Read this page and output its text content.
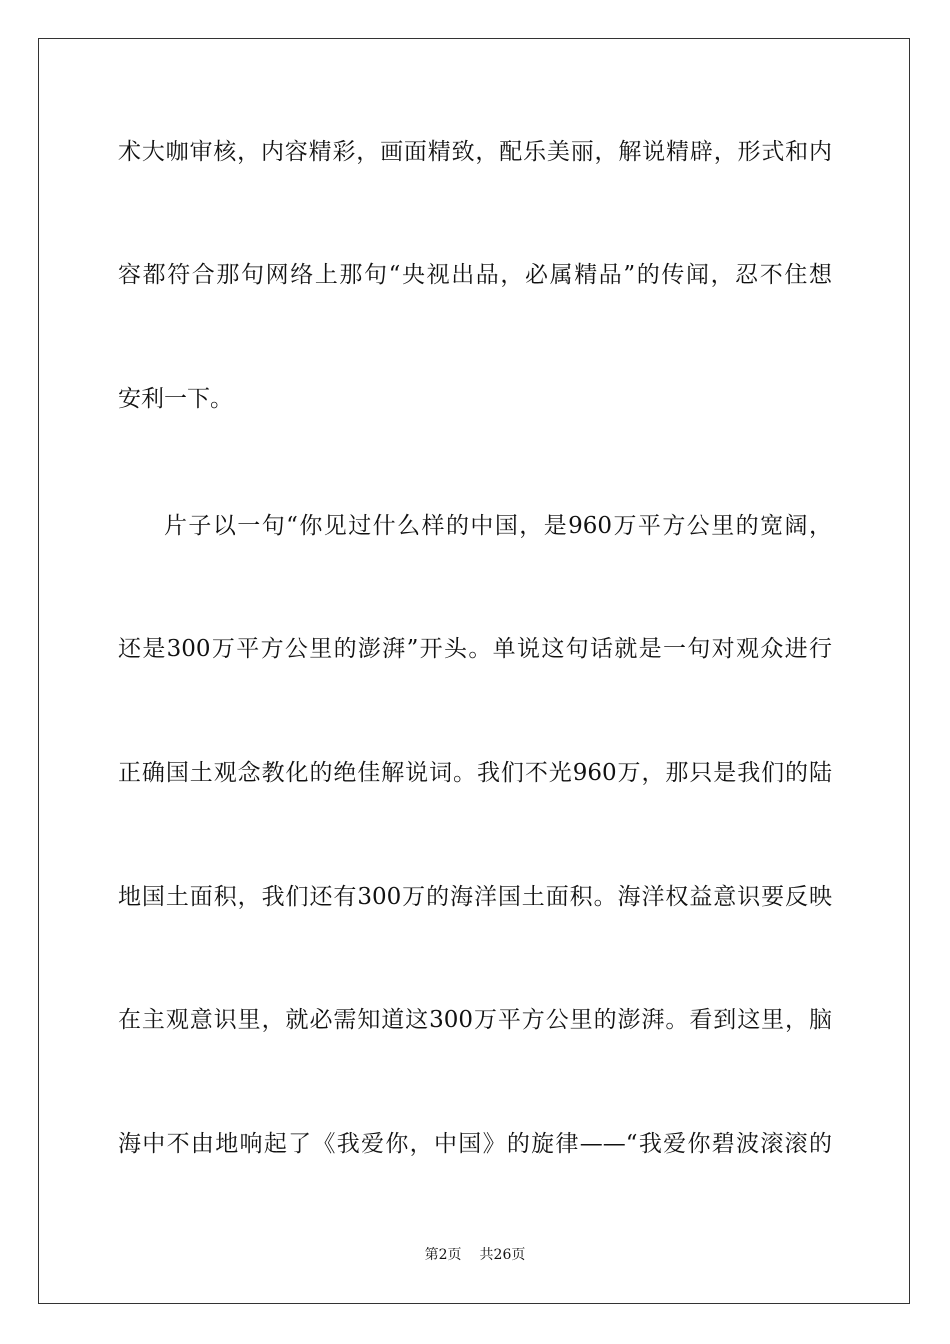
术大咖审核，内容精彩，画面精致，配乐美丽，解说精辟，形式和内
容都符合那句网络上那句“央视出品，必属精品”的传闻，忍不住想
安利一下。
片子以一句“你见过什么样的中国，是960万平方公里的宽阔，
还是300万平方公里的澎湃”开头。单说这句话就是一句对观众进行
正确国土观念教化的绝佳解说词。我们不光960万，那只是我们的陆
地国土面积，我们还有300万的海洋国土面积。海洋权益意识要反映
在主观意识里，就必需知道这300万平方公里的澎湃。看到这里，脑
海中不由地响起了《我爱你，中国》的旋律——“我爱你碧波滚滚的
第2页 共26页
